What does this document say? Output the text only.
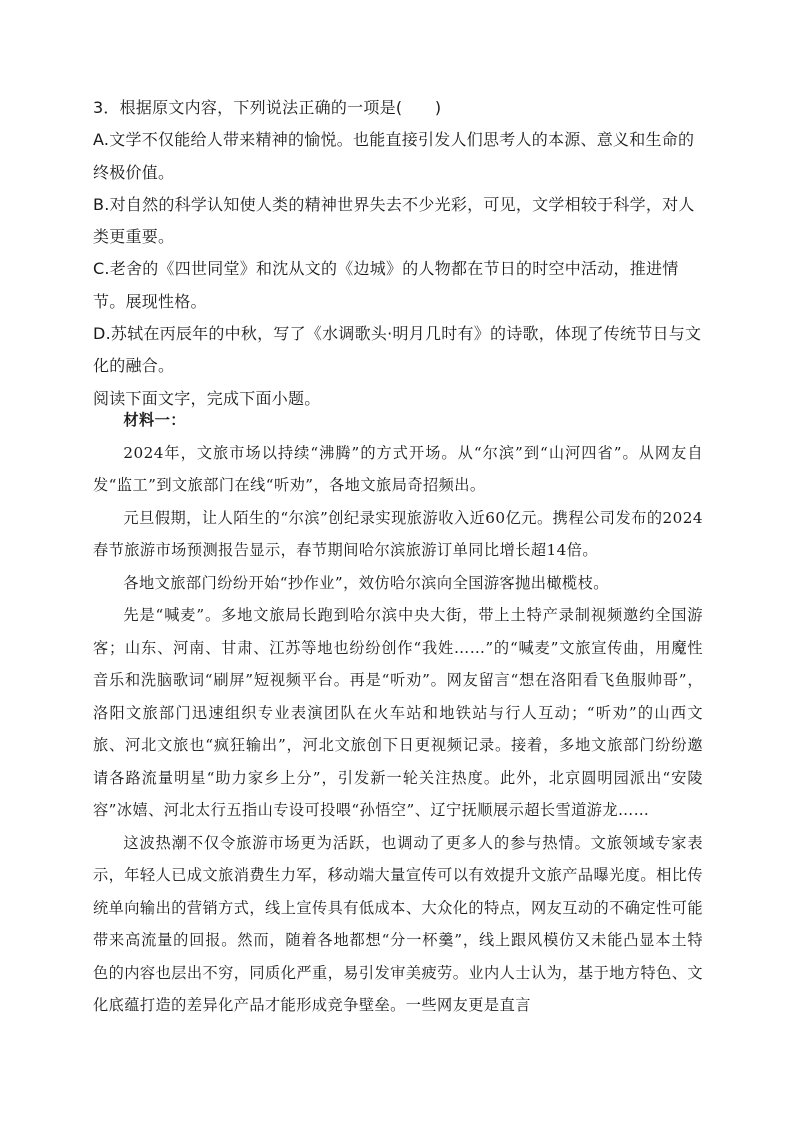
3．根据原文内容，下列说法正确的一项是(　　)

A.文学不仅能给人带来精神的愉悦。也能直接引发人们思考人的本源、意义和生命的终极价值。

B.对自然的科学认知使人类的精神世界失去不少光彩，可见，文学相较于科学，对人类更重要。

C.老舍的《四世同堂》和沈从文的《边城》的人物都在节日的时空中活动，推进情节。展现性格。

D.苏轼在丙辰年的中秋，写了《水调歌头·明月几时有》的诗歌，体现了传统节日与文化的融合。

阅读下面文字，完成下面小题。

材料一：

2024年，文旅市场以持续“沸腾”的方式开场。从“尔滨”到“山河四省”。从网友自发“监工”到文旅部门在线“听劝”，各地文旅局奇招频出。

元旦假期，让人陌生的“尔滨”创纪录实现旅游收入近60亿元。携程公司发布的2024春节旅游市场预测报告显示，春节期间哈尔滨旅游订单同比增长超14倍。

各地文旅部门纷纷开始“抄作业”，效仿哈尔滨向全国游客抛出橄榄枝。

先是“喊麦”。多地文旅局长跑到哈尔滨中央大街，带上土特产录制视频邀约全国游客；山东、河南、甘肃、江苏等地也纷纷创作“我姓……”的“喊麦”文旅宣传曲，用魔性音乐和洗脑歌词“刷屏”短视频平台。再是“听劝”。网友留言“想在洛阳看飞鱼服帅哥”，洛阳文旅部门迅速组织专业表演团队在火车站和地铁站与行人互动；“听劝”的山西文旅、河北文旅也“疯狂输出”，河北文旅创下日更视频记录。接着，多地文旅部门纷纷邀请各路流量明星“助力家乡上分”，引发新一轮关注热度。此外，北京圆明园派出“安陵容”冰嬉、河北太行五指山专设可投喂“孙悟空”、辽宁抚顺展示超长雪道游龙……

这波热潮不仅令旅游市场更为活跃，也调动了更多人的参与热情。文旅领域专家表示，年轻人已成文旅消费生力军，移动端大量宣传可以有效提升文旅产品曝光度。相比传统单向输出的营销方式，线上宣传具有低成本、大众化的特点，网友互动的不确定性可能带来高流量的回报。然而，随着各地都想“分一杯羹”，线上跟风模仿又未能凸显本土特色的内容也层出不穷，同质化严重，易引发审美疲劳。业内人士认为，基于地方特色、文化底蕴打造的差异化产品才能形成竞争壁垒。一些网友更是直言
